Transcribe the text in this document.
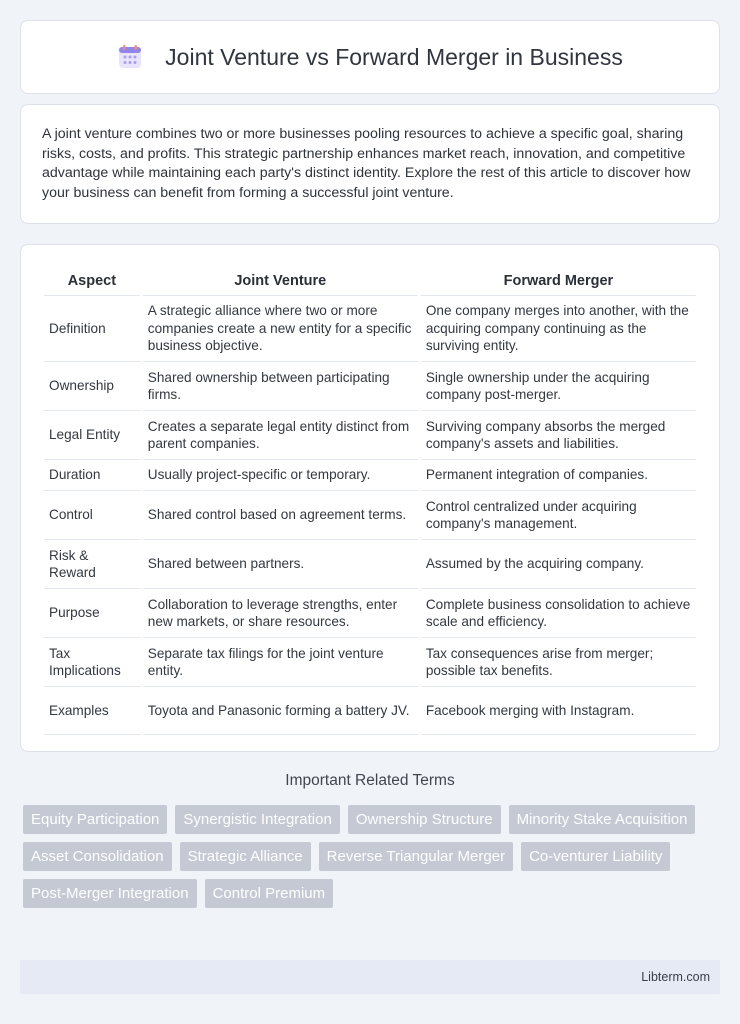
Joint Venture vs Forward Merger in Business

A joint venture combines two or more businesses pooling resources to achieve a specific goal, sharing risks, costs, and profits. This strategic partnership enhances market reach, innovation, and competitive advantage while maintaining each party's distinct identity. Explore the rest of this article to discover how your business can benefit from forming a successful joint venture.

Aspect	Joint Venture	Forward Merger
Definition	A strategic alliance where two or more companies create a new entity for a specific business objective.	One company merges into another, with the acquiring company continuing as the surviving entity.
Ownership	Shared ownership between participating firms.	Single ownership under the acquiring company post-merger.
Legal Entity	Creates a separate legal entity distinct from parent companies.	Surviving company absorbs the merged company's assets and liabilities.
Duration	Usually project-specific or temporary.	Permanent integration of companies.
Control	Shared control based on agreement terms.	Control centralized under acquiring company's management.
Risk & Reward	Shared between partners.	Assumed by the acquiring company.
Purpose	Collaboration to leverage strengths, enter new markets, or share resources.	Complete business consolidation to achieve scale and efficiency.
Tax Implications	Separate tax filings for the joint venture entity.	Tax consequences arise from merger; possible tax benefits.
Examples	Toyota and Panasonic forming a battery JV.	Facebook merging with Instagram.
Important Related Terms
Equity Participation	Synergistic Integration	Ownership Structure	Minority Stake Acquisition
Asset Consolidation	Strategic Alliance	Reverse Triangular Merger	Co-venturer Liability
Post-Merger Integration	Control Premium
Libterm.com
